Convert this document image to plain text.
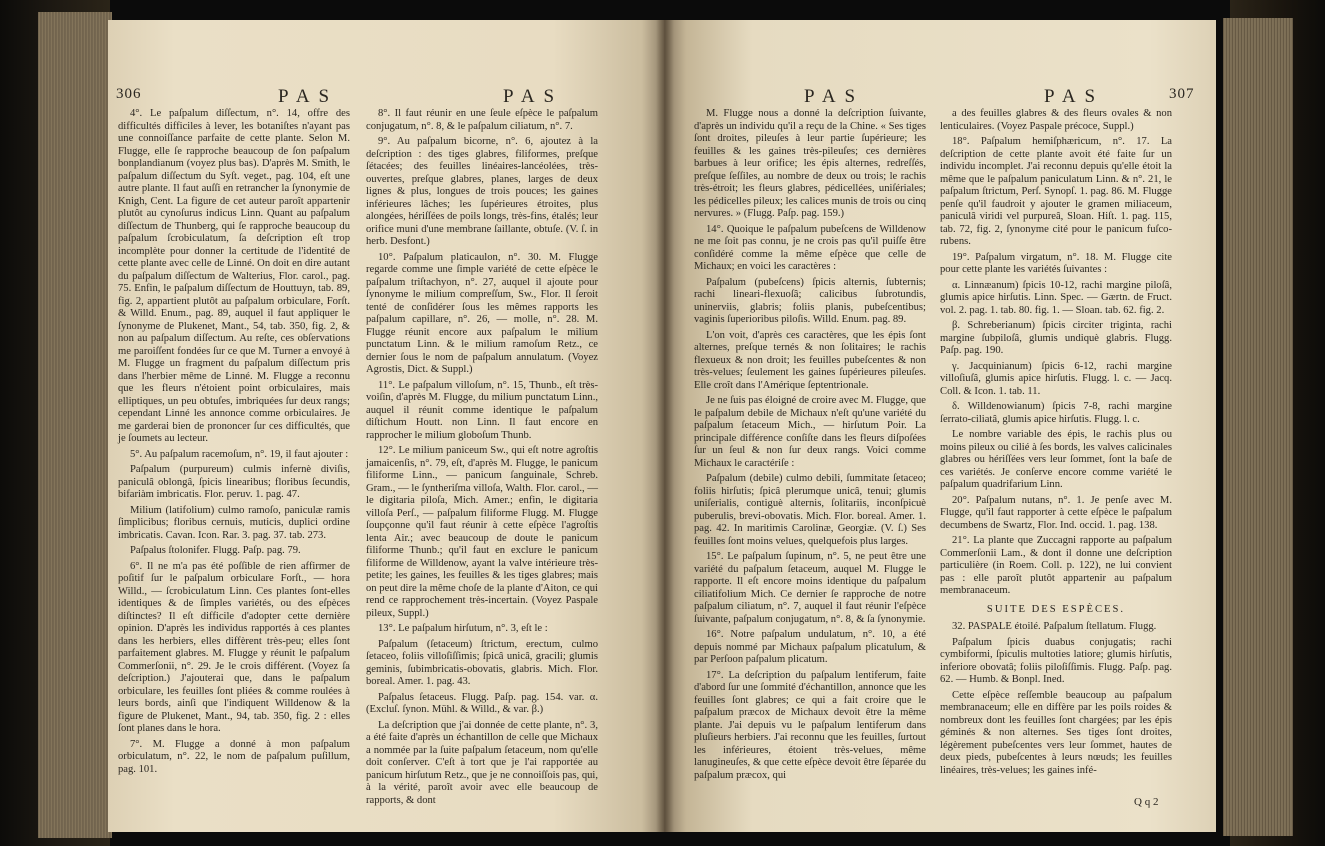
306	PAS	PAS

4°. Le paſpalum diſſectum, n°. 14, offre des difficultés difficiles à lever, les botaniſtes n'ayant pas une connoiſſance parfaite de cette plante. Selon M. Flugge, elle ſe rapproche beaucoup de ſon paſpalum bonplandianum (voyez plus bas). D'après M. Smith, le paſpalum diſſectum du Syſt. veget., pag. 104, eſt une autre plante. Il faut auſſi en retrancher la ſynonymie de Knigh, Cent. La figure de cet auteur paroît appartenir plutôt au cynoſurus indicus Linn. Quant au paſpalum diſſectum de Thunberg, qui ſe rapproche beaucoup du paſpalum ſcrobiculatum, ſa deſcription eſt trop incomplète pour donner la certitude de l'identité de cette plante avec celle de Linné. On doit en dire autant du paſpalum diſſectum de Walterius, Flor. carol., pag. 75. Enfin, le paſpalum diſſectum de Houttuyn, tab. 89, fig. 2, appartient plutôt au paſpalum orbiculare, Forſt. & Willd. Enum., pag. 89, auquel il faut appliquer le ſynonyme de Plukenet, Mant., 54, tab. 350, fig. 2, & non au paſpalum diſſectum. Au reſte, ces obſervations me paroiſſent fondées ſur ce que M. Turner a envoyé à M. Flugge un fragment du paſpalum diſſectum pris dans l'herbier même de Linné. M. Flugge a reconnu que les fleurs n'étoient point orbiculaires, mais elliptiques, un peu obtuſes, imbriquées ſur deux rangs; cependant Linné les annonce comme orbiculaires. Je me garderai bien de prononcer ſur ces difficultés, que je ſoumets au lecteur.

5°. Au paſpalum racemoſum, n°. 19, il faut ajouter :

Paſpalum (purpureum) culmis infernè diviſis, paniculâ oblongâ, ſpicis linearibus; floribus ſecundis, bifariàm imbricatis. Flor. peruv. 1. pag. 47.

Milium (latifolium) culmo ramoſo, paniculæ ramis ſimplicibus; floribus cernuis, muticis, duplici ordine imbricatis. Cavan. Icon. Rar. 3. pag. 37. tab. 273.

Paſpalus ſtolonifer. Flugg. Paſp. pag. 79.

6°. Il ne m'a pas été poſſible de rien affirmer de poſitif ſur le paſpalum orbiculare Forſt., — hora Willd., — ſcrobiculatum Linn. Ces plantes ſont-elles identiques & de ſimples variétés, ou des eſpèces diſtinctes? Il eſt difficile d'adopter cette dernière opinion. D'après les individus rapportés à ces plantes dans les herbiers, elles diffèrent très-peu; elles ſont parfaitement glabres. M. Flugge y réunit le paſpalum Commerſonii, n°. 29. Je le crois différent. (Voyez ſa deſcription.) J'ajouterai que, dans le paſpalum orbiculare, les feuilles ſont pliées & comme roulées à leurs bords, ainſi que l'indiquent Willdenow & la figure de Plukenet, Mant., 94, tab. 350, fig. 2 : elles ſont planes dans le hora.

7°. M. Flugge a donné à mon paſpalum orbiculatum, n°. 22, le nom de paſpalum puſillum, pag. 101.

8°. Il faut réunir en une ſeule eſpèce le paſpalum conjugatum, n°. 8, & le paſpalum ciliatum, n°. 7.

9°. Au paſpalum bicorne, n°. 6, ajoutez à la deſcription : des tiges glabres, filiformes, preſque ſétacées; des feuilles linéaires-lancéolées, très-ouvertes, preſque glabres, planes, larges de deux lignes & plus, longues de trois pouces; les gaines inférieures lâches; les ſupérieures étroites, plus alongées, hériſſées de poils longs, très-fins, étalés; leur orifice muni d'une membrane ſaillante, obtuſe. (V. ſ. in herb. Desfont.)

10°. Paſpalum platicaulon, n°. 30. M. Flugge regarde comme une ſimple variété de cette eſpèce le paſpalum triſtachyon, n°. 27, auquel il ajoute pour ſynonyme le milium compreſſum, Sw., Flor. Il ſeroit tenté de conſidérer ſous les mêmes rapports les paſpalum capillare, n°. 26, — molle, n°. 28. M. Flugge réunit encore aux paſpalum le milium punctatum Linn. & le milium ramoſum Retz., ce dernier ſous le nom de paſpalum annulatum. (Voyez Agrostis, Dict. & Suppl.)

11°. Le paſpalum villoſum, n°. 15, Thunb., eſt très-voiſin, d'après M. Flugge, du milium punctatum Linn., auquel il réunit comme identique le paſpalum diſtichum Houtt. non Linn. Il faut encore en rapprocher le milium globoſum Thunb.

12°. Le milium paniceum Sw., qui eſt notre agroſtis jamaicenſis, n°. 79, eſt, d'après M. Flugge, le panicum filiforme Linn., — panicum ſanguinale, Schreb. Gram., — le ſyntheriſma villoſa, Walth. Flor. carol., — le digitaria piloſa, Mich. Amer.; enfin, le digitaria villoſa Perſ., — paſpalum filiforme Flugg. M. Flugge ſoupçonne qu'il faut réunir à cette eſpèce l'agroſtis lenta Air.; avec beaucoup de doute le panicum filiforme Thunb.; qu'il faut en exclure le panicum filiforme de Willdenow, ayant la valve intérieure très-petite; les gaines, les feuilles & les tiges glabres; mais on peut dire la même choſe de la plante d'Aiton, ce qui rend ce rapprochement très-incertain. (Voyez Paspale pileux, Suppl.)

13°. Le paſpalum hirſutum, n°. 3, eſt le :

Paſpalum (ſetaceum) ſtrictum, erectum, culmo ſetaceo, foliis villoſiſſimis; ſpicâ unicâ, gracili; glumis geminis, ſubimbricatis-obovatis, glabris. Mich. Flor. boreal. Amer. 1. pag. 43.

Paſpalus ſetaceus. Flugg. Paſp. pag. 154. var. α. (Excluſ. ſynon. Mühl. & Willd., & var. β.)

La deſcription que j'ai donnée de cette plante, n°. 3, a été faite d'après un échantillon de celle que Michaux a nommée par la ſuite paſpalum ſetaceum, nom qu'elle doit conſerver. C'eſt à tort que je l'ai rapportée au panicum hirſutum Retz., que je ne connoiſſois pas, qui, à la vérité, paroît avoir avec elle beaucoup de rapports, & dont

PAS	PAS	307

M. Flugge nous a donné la deſcription ſuivante, d'après un individu qu'il a reçu de la Chine. « Ses tiges ſont droites, pileuſes à leur partie ſupérieure; les feuilles & les gaines très-pileuſes; ces dernières barbues à leur orifice; les épis alternes, redreſſés, preſque ſeſſiles, au nombre de deux ou trois; le rachis très-étroit; les fleurs glabres, pédicellées, uniſériales; les pédicelles pileux; les calices munis de trois ou cinq nervures. » (Flugg. Paſp. pag. 159.)

14°. Quoique le paſpalum pubeſcens de Willdenow ne me ſoit pas connu, je ne crois pas qu'il puiſſe être conſidéré comme la même eſpèce que celle de Michaux; en voici les caractères :

Paſpalum (pubeſcens) ſpicis alternis, ſubternis; rachi lineari-flexuoſâ; calicibus ſubrotundis, uninerviis, glabris; foliis planis, pubeſcentibus; vaginis ſuperioribus piloſis. Willd. Enum. pag. 89.

L'on voit, d'après ces caractères, que les épis ſont alternes, preſque ternés & non ſolitaires; le rachis flexueux & non droit; les feuilles pubeſcentes & non très-velues; ſeulement les gaines ſupérieures pileuſes. Elle croît dans l'Amérique ſeptentrionale.

Je ne ſuis pas éloigné de croire avec M. Flugge, que le paſpalum debile de Michaux n'eſt qu'une variété du paſpalum ſetaceum Mich., — hirſutum Poir. La principale différence conſiſte dans les fleurs diſpoſées ſur un ſeul & non ſur deux rangs. Voici comme Michaux le caractériſe :

Paſpalum (debile) culmo debili, ſummitate ſetaceo; foliis hirſutis; ſpicâ plerumque unicâ, tenui; glumis uniſerialis, contiguè alternis, ſolitariis, inconſpicuè puberulis, brevi-obovatis. Mich. Flor. boreal. Amer. 1. pag. 42. In maritimis Carolinæ, Georgiæ. (V. ſ.) Ses feuilles ſont moins velues, quelquefois plus larges.

15°. Le paſpalum ſupinum, n°. 5, ne peut être une variété du paſpalum ſetaceum, auquel M. Flugge le rapporte. Il eſt encore moins identique du paſpalum ciliatifolium Mich. Ce dernier ſe rapproche de notre paſpalum ciliatum, n°. 7, auquel il faut réunir l'eſpèce ſuivante, paſpalum conjugatum, n°. 8, & ſa ſynonymie.

16°. Notre paſpalum undulatum, n°. 10, a été depuis nommé par Michaux paſpalum plicatulum, & par Perſoon paſpalum plicatum.

17°. La deſcription du paſpalum lentiferum, faite d'abord ſur une ſommité d'échantillon, annonce que les feuilles ſont glabres; ce qui a fait croire que le paſpalum præcox de Michaux devoit être la même plante. J'ai depuis vu le paſpalum lentiferum dans pluſieurs herbiers. J'ai reconnu que les feuilles, ſurtout les inférieures, étoient très-velues, même lanugineuſes, & que cette eſpèce devoit être ſéparée du paſpalum præcox, qui

a des feuilles glabres & des fleurs ovales & non lenticulaires. (Voyez Paspale précoce, Suppl.)

18°. Paſpalum hemiſphæricum, n°. 17. La deſcription de cette plante avoit été faite ſur un individu incomplet. J'ai reconnu depuis qu'elle étoit la même que le paſpalum paniculatum Linn. & n°. 21, le paſpalum ſtrictum, Perſ. Synopſ. 1. pag. 86. M. Flugge penſe qu'il faudroit y ajouter le gramen miliaceum, paniculâ viridi vel purpureâ, Sloan. Hiſt. 1. pag. 115, tab. 72, fig. 2, ſynonyme cité pour le panicum fuſco-rubens.

19°. Paſpalum virgatum, n°. 18. M. Flugge cite pour cette plante les variétés ſuivantes :

α. Linnæanum) ſpicis 10-12, rachi margine piloſâ, glumis apice hirſutis. Linn. Spec. — Gærtn. de Fruct. vol. 2. pag. 1. tab. 80. fig. 1. — Sloan. tab. 62. fig. 2.

β. Schreberianum) ſpicis circiter triginta, rachi margine ſubpiloſâ, glumis undiquè glabris. Flugg. Paſp. pag. 190.

γ. Jacquinianum) ſpicis 6-12, rachi margine villoſiuſâ, glumis apice hirſutis. Flugg. l. c. — Jacq. Coll. & Icon. 1. tab. 11.

δ. Willdenowianum) ſpicis 7-8, rachi margine ſerrato-ciliatâ, glumis apice hirſutis. Flugg. l. c.

Le nombre variable des épis, le rachis plus ou moins pileux ou cilié à ſes bords, les valves calicinales glabres ou hériſſées vers leur ſommet, ſont la baſe de ces variétés. Je conſerve encore comme variété le paſpalum quadrifarium Linn.

20°. Paſpalum nutans, n°. 1. Je penſe avec M. Flugge, qu'il faut rapporter à cette eſpèce le paſpalum decumbens de Swartz, Flor. Ind. occid. 1. pag. 138.

21°. La plante que Zuccagni rapporte au paſpalum Commerſonii Lam., & dont il donne une deſcription particulière (in Roem. Coll. p. 122), ne lui convient pas : elle paroît plutôt appartenir au paſpalum membranaceum.

SUITE DES ESPÈCES.

32. PASPALE étoilé. Paſpalum ſtellatum. Flugg.

Paſpalum ſpicis duabus conjugatis; rachi cymbiformi, ſpiculis multoties latiore; glumis hirſutis, inferiore obovatâ; foliis piloſiſſimis. Flugg. Paſp. pag. 62. — Humb. & Bonpl. Ined.

Cette eſpèce reſſemble beaucoup au paſpalum membranaceum; elle en diffère par les poils roides & nombreux dont les feuilles ſont chargées; par les épis géminés & non alternes. Ses tiges ſont droites, légèrement pubeſcentes vers leur ſommet, hautes de deux pieds, pubeſcentes à leurs nœuds; les feuilles linéaires, très-velues; les gaines infé-

Q q 2
